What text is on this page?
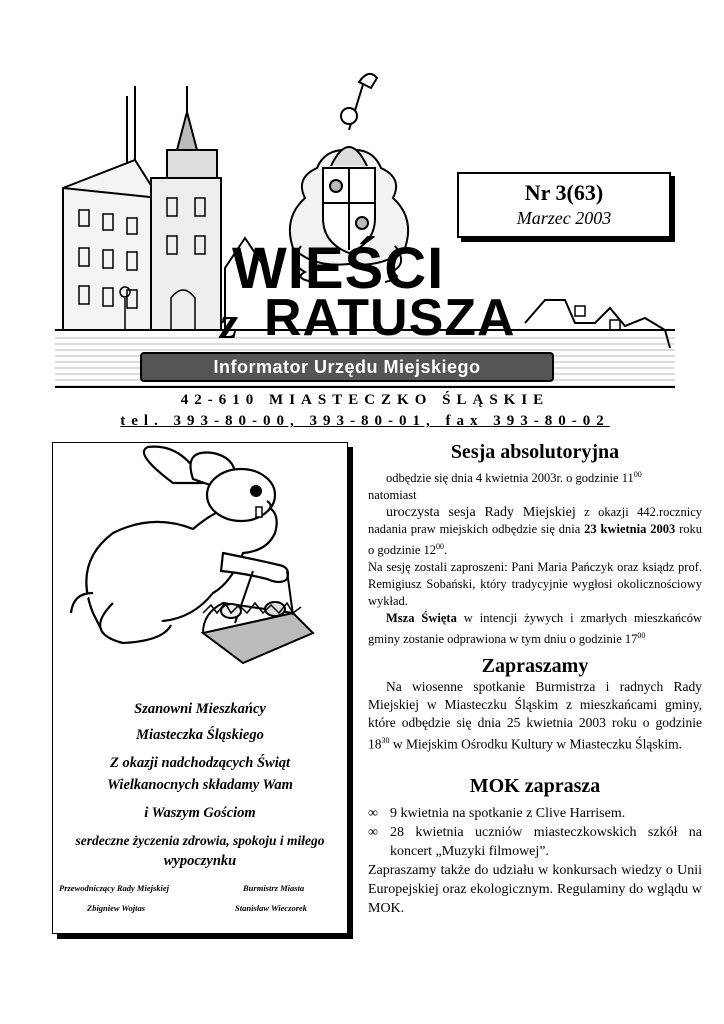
Nr 3(63)
Marzec 2003
WIEŚCI
z RATUSZA
Informator Urzędu Miejskiego
42-610 MIASTECZKO ŚLĄSKIE
tel. 393-80-00, 393-80-01, fax 393-80-02
Szanowni Mieszkańcy
Miasteczka Śląskiego
Z okazji nadchodzących Świąt
Wielkanocnych składamy Wam
i Waszym Gościom
serdeczne życzenia zdrowia, spokoju i miłego
wypoczynku
Przewodniczący Rady Miejskiej
Zbigniew Wojtas
Burmistrz Miasta
Stanisław Wieczorek
Sesja absolutoryjna

odbędzie się dnia 4 kwietnia 2003r. o godzinie $11^{00}$
natomiast

uroczysta sesja Rady Miejskiej z okazji 442.rocznicy nadania praw miejskich odbędzie się dnia 23 kwietnia 2003 roku o godzinie $12^{00}$.

Na sesję zostali zaproszeni: Pani Maria Pańczyk oraz ksiądz prof. Remigiusz Sobański, który tradycyjnie wygłosi okolicznościowy wykład.

Msza Święta w intencji żywych i zmarłych mieszkańców gminy zostanie odprawiona w tym dniu o godzinie $17^{00}$

Zapraszamy

Na wiosenne spotkanie Burmistrza i radnych Rady Miejskiej w Miasteczku Śląskim z mieszkańcami gminy, które odbędzie się dnia 25 kwietnia 2003 roku o godzinie $18^{30}$ w Miejskim Ośrodku Kultury w Miasteczku Śląskim.

MOK zaprasza
∞ 9 kwietnia na spotkanie z Clive Harrisem.
∞ 28 kwietnia uczniów miasteczkowskich szkół na koncert „Muzyki filmowej”.

Zapraszamy także do udziału w konkursach wiedzy o Unii Europejskiej oraz ekologicznym. Regulaminy do wglądu w MOK.
